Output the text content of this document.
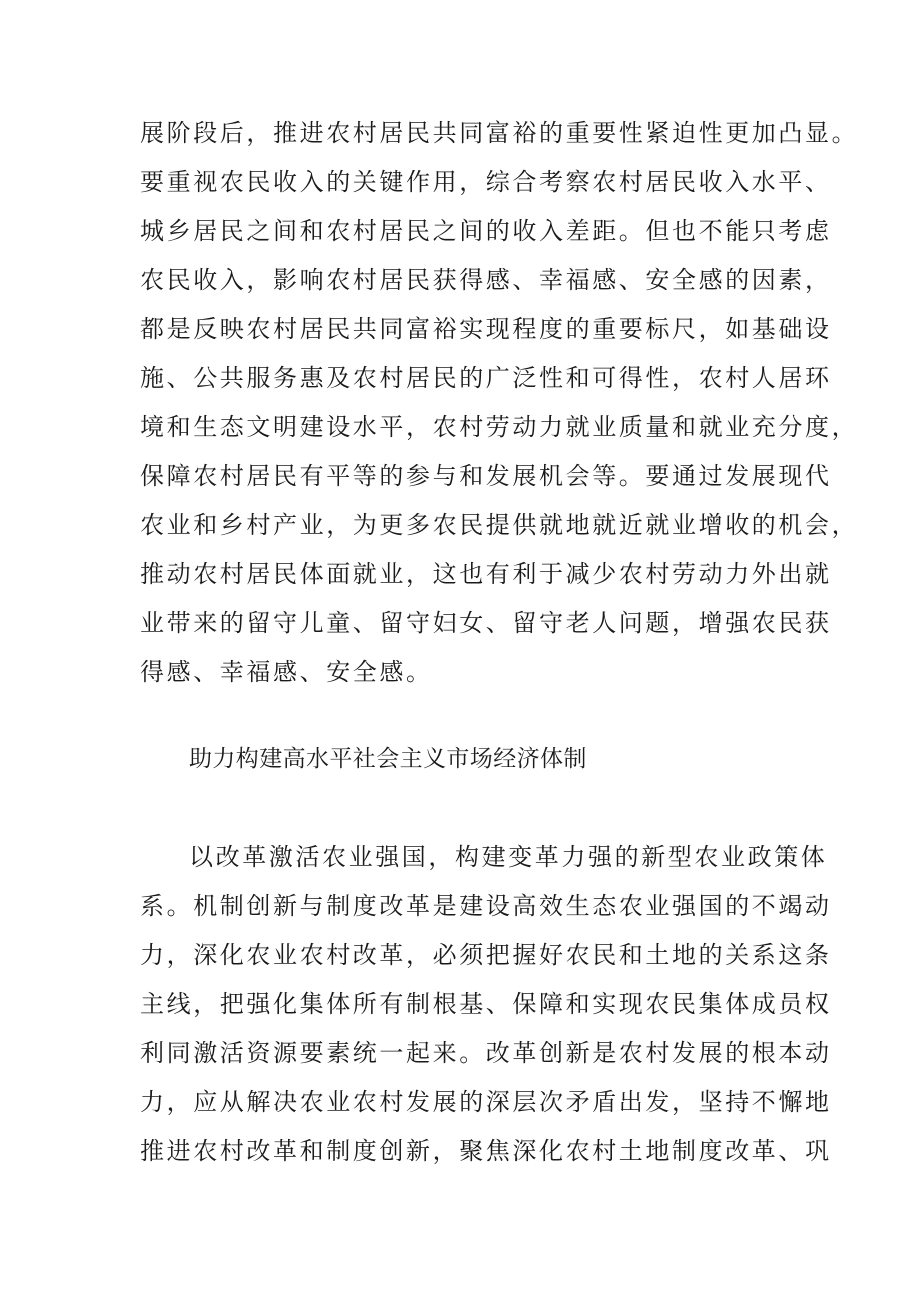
展阶段后，推进农村居民共同富裕的重要性紧迫性更加凸显。
要重视农民收入的关键作用，综合考察农村居民收入水平、
城乡居民之间和农村居民之间的收入差距。但也不能只考虑
农民收入，影响农村居民获得感、幸福感、安全感的因素，
都是反映农村居民共同富裕实现程度的重要标尺，如基础设
施、公共服务惠及农村居民的广泛性和可得性，农村人居环
境和生态文明建设水平，农村劳动力就业质量和就业充分度，
保障农村居民有平等的参与和发展机会等。要通过发展现代
农业和乡村产业，为更多农民提供就地就近就业增收的机会，
推动农村居民体面就业，这也有利于减少农村劳动力外出就
业带来的留守儿童、留守妇女、留守老人问题，增强农民获
得感、幸福感、安全感。
助力构建高水平社会主义市场经济体制
以改革激活农业强国，构建变革力强的新型农业政策体
系。机制创新与制度改革是建设高效生态农业强国的不竭动
力，深化农业农村改革，必须把握好农民和土地的关系这条
主线，把强化集体所有制根基、保障和实现农民集体成员权
利同激活资源要素统一起来。改革创新是农村发展的根本动
力，应从解决农业农村发展的深层次矛盾出发，坚持不懈地
推进农村改革和制度创新，聚焦深化农村土地制度改革、巩
